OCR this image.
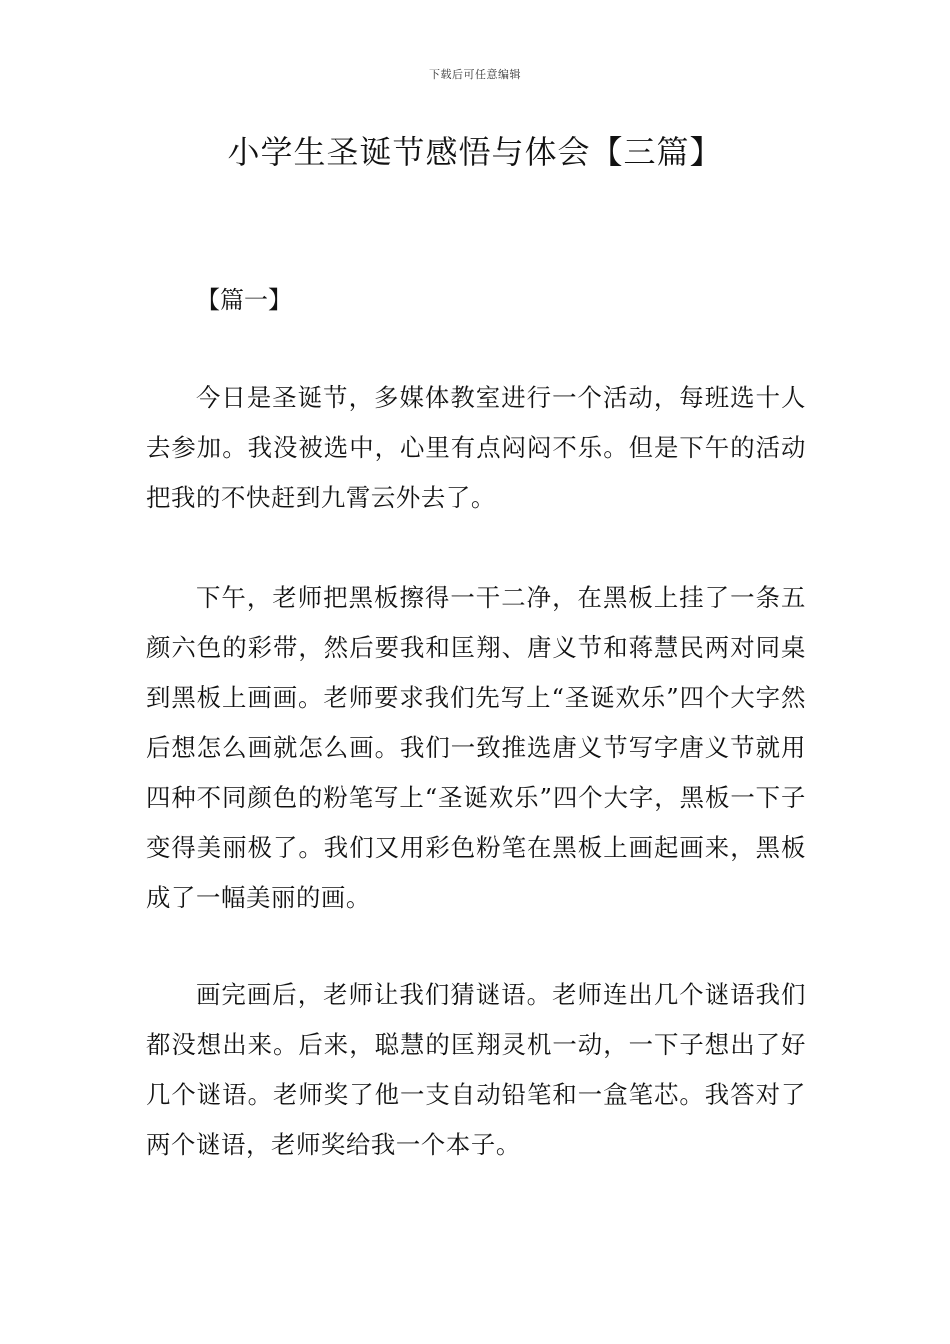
下载后可任意编辑
小学生圣诞节感悟与体会【三篇】
【篇一】

今日是圣诞节，多媒体教室进行一个活动，每班选十人去参加。我没被选中，心里有点闷闷不乐。但是下午的活动把我的不快赶到九霄云外去了。

下午，老师把黑板擦得一干二净，在黑板上挂了一条五颜六色的彩带，然后要我和匡翔、唐义节和蒋慧民两对同桌到黑板上画画。老师要求我们先写上“圣诞欢乐”四个大字然后想怎么画就怎么画。我们一致推选唐义节写字唐义节就用四种不同颜色的粉笔写上“圣诞欢乐”四个大字，黑板一下子变得美丽极了。我们又用彩色粉笔在黑板上画起画来，黑板成了一幅美丽的画。

画完画后，老师让我们猜谜语。老师连出几个谜语我们都没想出来。后来，聪慧的匡翔灵机一动，一下子想出了好几个谜语。老师奖了他一支自动铅笔和一盒笔芯。我答对了两个谜语，老师奖给我一个本子。
